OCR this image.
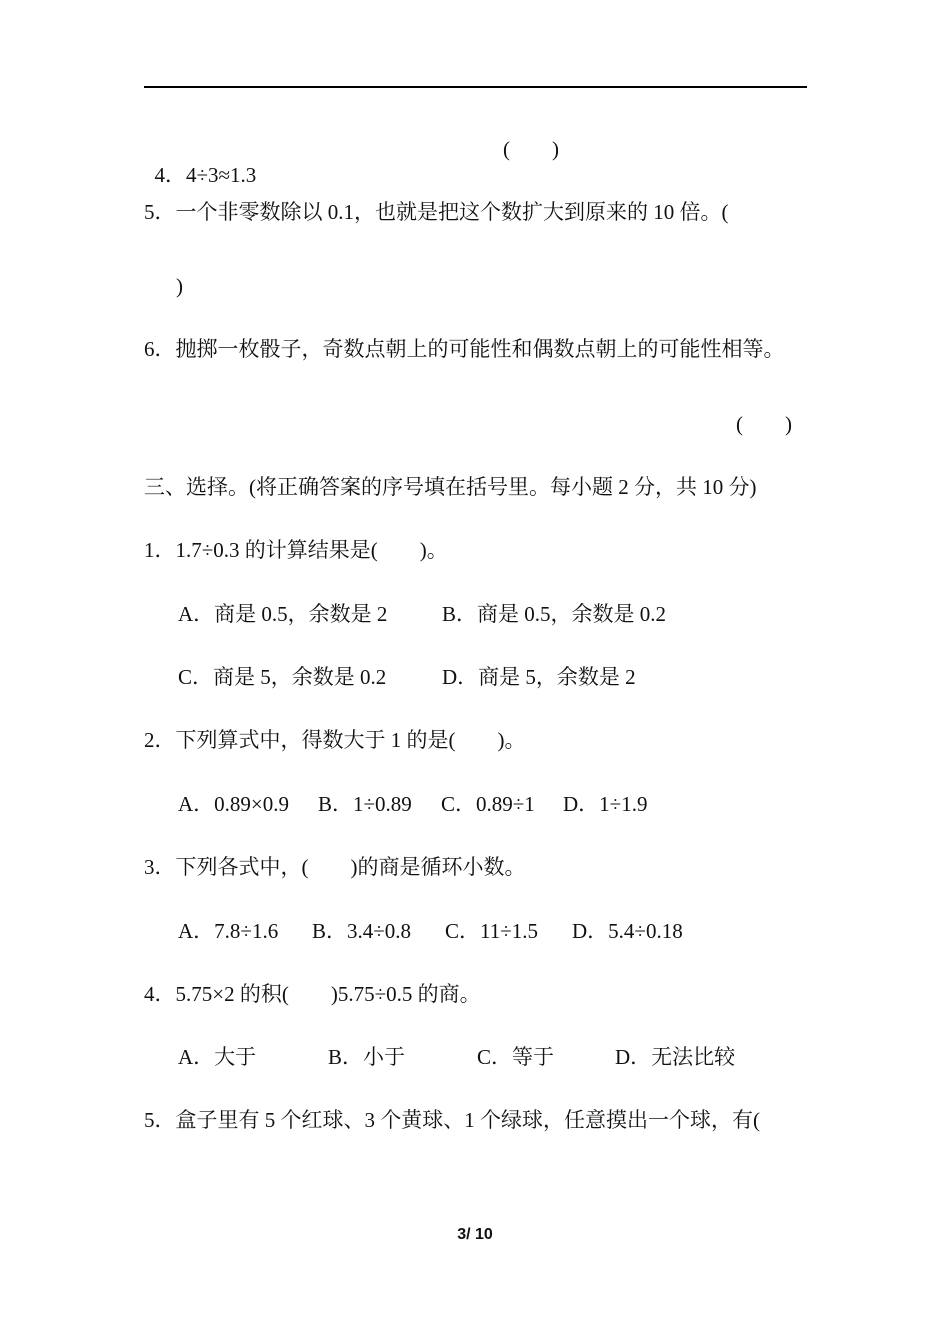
4．4÷3≈1.3

(　　)
5．一个非零数除以 0.1，也就是把这个数扩大到原来的 10 倍。(
)
6．抛掷一枚骰子，奇数点朝上的可能性和偶数点朝上的可能性相等。
(　　)
三、选择。(将正确答案的序号填在括号里。每小题 2 分，共 10 分)
1．1.7÷0.3 的计算结果是(　　)。
A．商是 0.5，余数是 2	B．商是 0.5，余数是 0.2
C．商是 5，余数是 0.2	D．商是 5，余数是 2
2．下列算式中，得数大于 1 的是(　　)。
A．0.89×0.9 B．1÷0.89 C．0.89÷1 D．1÷1.9
3．下列各式中，(　　)的商是循环小数。
A．7.8÷1.6 B．3.4÷0.8 C．11÷1.5 D．5.4÷0.18
4．5.75×2 的积(　　)5.75÷0.5 的商。
A．大于	B．小于	C．等于	D．无法比较
5．盒子里有 5 个红球、3 个黄球、1 个绿球，任意摸出一个球，有(
3/ 10
